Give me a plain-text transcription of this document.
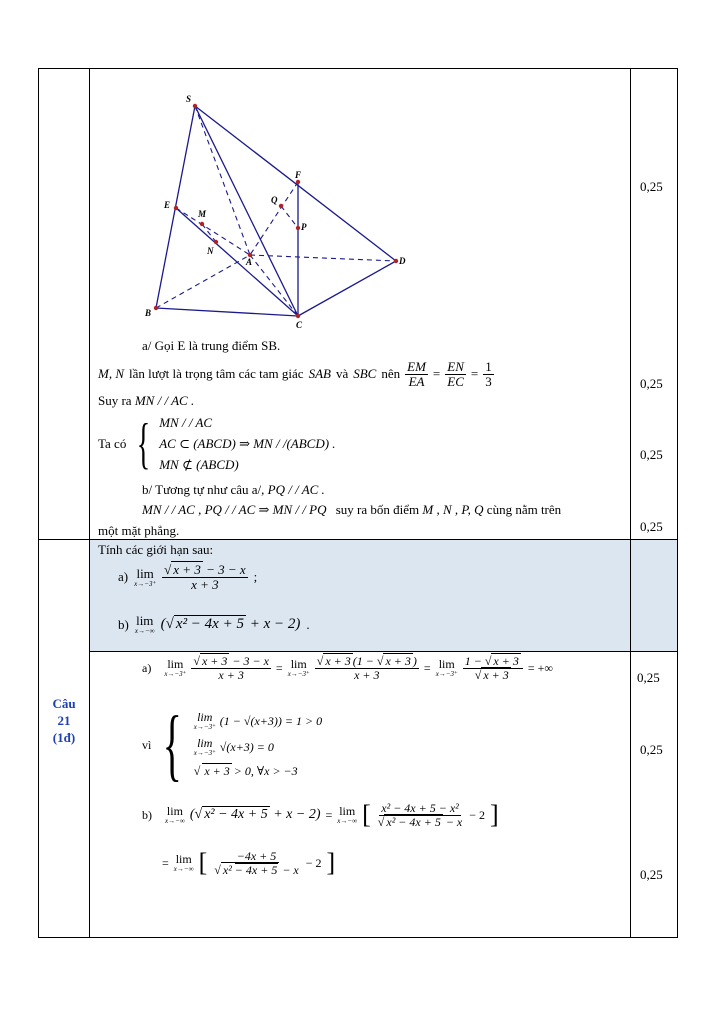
S
E
M
N
A
F
Q
P
D
B
C
0,25
0,25
0,25
0,25
0,25
0,25
0,25
a/ Gọi E là trung điểm SB.
M, N lần lượt là trọng tâm các tam giác SAB và SBC nên $\frac{EM}{EA} = \frac{EN}{EC} = \frac{1}{3}$
Suy ra MN / / AC .
Ta có { MN / / AC
AC ⊂ (ABCD) ⇒ MN / /(ABCD) .
MN ⊄ (ABCD)
b/ Tương tự như câu a/, PQ / / AC .
MN / / AC , PQ / / AC ⇒ MN / / PQ suy ra bốn điểm M , N , P, Q cùng nằm trên
một mặt phẳng.
Câu
21
(1đ)
Tính các giới hạn sau:
a) lim
x→−3⁺ √ $\frac{x + 3 - 3 - x}{x + 3}$ ;
b) lim
x→−∞ ( √ x² − 4x + 5 + x − 2) .
a) lim
x→−3⁺ √ $\frac{x + 3 - 3 - x}{x + 3} = \lim$
x→−3⁺ √ $\frac{x + 3 (1 - √ x + 3 )}{x + 3} = \lim$
x→−3⁺ 1 − √ x + 3
√ x + 3 = +∞
vì { lim
x→−3⁺ (1 − √(x+3)) = 1 > 0
lim
x→−3⁺ √(x+3) = 0
√
x + 3 > 0, ∀x > −3
b) lim
x→−∞ ( √ x² − 4x + 5 + x − 2) = lim
x→−∞ [ x² − 4x + 5 − x²
√ x² − 4x + 5 − x − 2 ]
= lim
x→−∞ [ −4x + 5
√ x² − 4x + 5 − x − 2 ]
